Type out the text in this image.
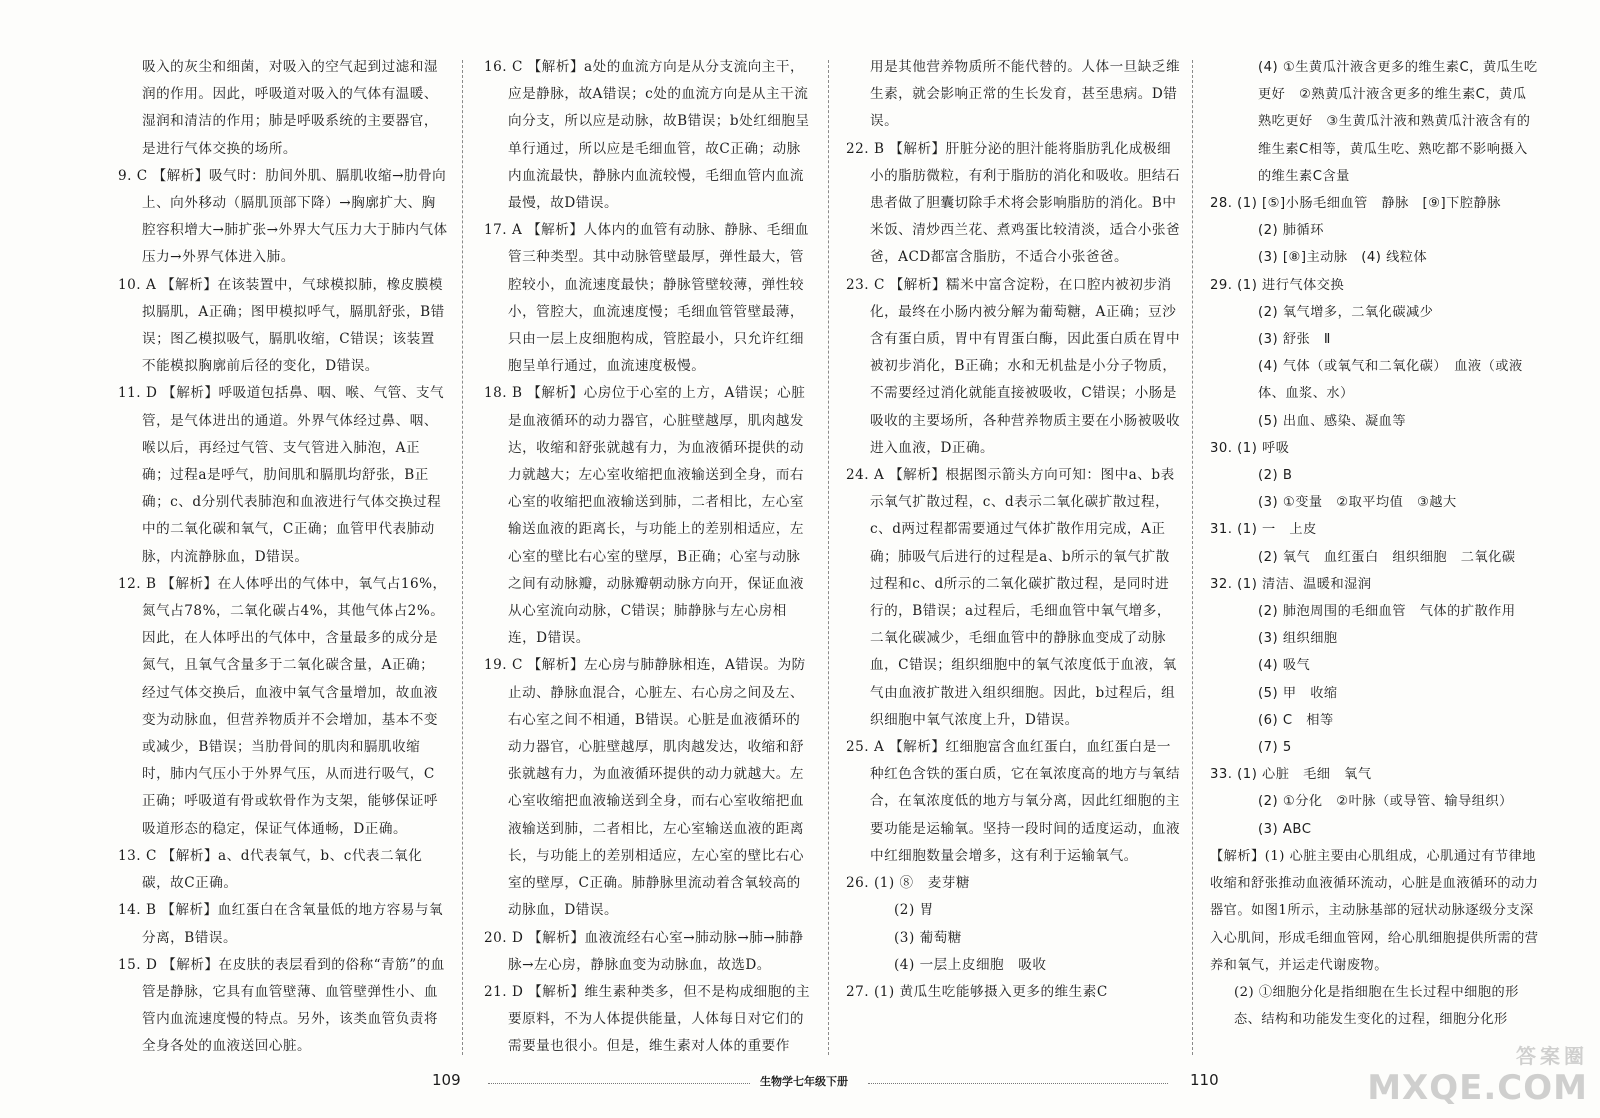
吸入的灰尘和细菌，对吸入的空气起到过滤和湿润的作用。因此，呼吸道对吸入的气体有温暖、湿润和清洁的作用；肺是呼吸系统的主要器官，是进行气体交换的场所。

9. C 【解析】吸气时：肋间外肌、膈肌收缩→肋骨向上、向外移动（膈肌顶部下降）→胸廓扩大、胸腔容积增大→肺扩张→外界大气压力大于肺内气体压力→外界气体进入肺。

10. A 【解析】在该装置中，气球模拟肺，橡皮膜模拟膈肌，A正确；图甲模拟呼气，膈肌舒张，B错误；图乙模拟吸气，膈肌收缩，C错误；该装置不能模拟胸廓前后径的变化，D错误。

11. D 【解析】呼吸道包括鼻、咽、喉、气管、支气管，是气体进出的通道。外界气体经过鼻、咽、喉以后，再经过气管、支气管进入肺泡，A正确；过程a是呼气，肋间肌和膈肌均舒张，B正确；c、d分别代表肺泡和血液进行气体交换过程中的二氧化碳和氧气，C正确；血管甲代表肺动脉，内流静脉血，D错误。

12. B 【解析】在人体呼出的气体中，氧气占16%，氮气占78%，二氧化碳占4%，其他气体占2%。因此，在人体呼出的气体中，含量最多的成分是氮气，且氧气含量多于二氧化碳含量，A正确；经过气体交换后，血液中氧气含量增加，故血液变为动脉血，但营养物质并不会增加，基本不变或减少，B错误；当肋骨间的肌肉和膈肌收缩时，肺内气压小于外界气压，从而进行吸气，C正确；呼吸道有骨或软骨作为支架，能够保证呼吸道形态的稳定，保证气体通畅，D正确。

13. C 【解析】a、d代表氧气，b、c代表二氧化碳，故C正确。

14. B 【解析】血红蛋白在含氧量低的地方容易与氧分离，B错误。

15. D 【解析】在皮肤的表层看到的俗称“青筋”的血管是静脉，它具有血管壁薄、血管壁弹性小、血管内血流速度慢的特点。另外，该类血管负责将全身各处的血液送回心脏。

16. C 【解析】a处的血流方向是从分支流向主干，应是静脉，故A错误；c处的血流方向是从主干流向分支，所以应是动脉，故B错误；b处红细胞呈单行通过，所以应是毛细血管，故C正确；动脉内血流最快，静脉内血流较慢，毛细血管内血流最慢，故D错误。

17. A 【解析】人体内的血管有动脉、静脉、毛细血管三种类型。其中动脉管壁最厚，弹性最大，管腔较小，血流速度最快；静脉管壁较薄，弹性较小，管腔大，血流速度慢；毛细血管管壁最薄，只由一层上皮细胞构成，管腔最小，只允许红细胞呈单行通过，血流速度极慢。

18. B 【解析】心房位于心室的上方，A错误；心脏是血液循环的动力器官，心脏壁越厚，肌肉越发达，收缩和舒张就越有力，为血液循环提供的动力就越大；左心室收缩把血液输送到全身，而右心室的收缩把血液输送到肺，二者相比，左心室输送血液的距离长，与功能上的差别相适应，左心室的壁比右心室的壁厚，B正确；心室与动脉之间有动脉瓣，动脉瓣朝动脉方向开，保证血液从心室流向动脉，C错误；肺静脉与左心房相连，D错误。

19. C 【解析】左心房与肺静脉相连，A错误。为防止动、静脉血混合，心脏左、右心房之间及左、右心室之间不相通，B错误。心脏是血液循环的动力器官，心脏壁越厚，肌肉越发达，收缩和舒张就越有力，为血液循环提供的动力就越大。左心室收缩把血液输送到全身，而右心室收缩把血液输送到肺，二者相比，左心室输送血液的距离长，与功能上的差别相适应，左心室的壁比右心室的壁厚，C正确。肺静脉里流动着含氧较高的动脉血，D错误。

20. D 【解析】血液流经右心室→肺动脉→肺→肺静脉→左心房，静脉血变为动脉血，故选D。

21. D 【解析】维生素种类多，但不是构成细胞的主要原料，不为人体提供能量，人体每日对它们的需要量也很小。但是，维生素对人体的重要作

用是其他营养物质所不能代替的。人体一旦缺乏维生素，就会影响正常的生长发育，甚至患病。D错误。

22. B 【解析】肝脏分泌的胆汁能将脂肪乳化成极细小的脂肪微粒，有利于脂肪的消化和吸收。胆结石患者做了胆囊切除手术将会影响脂肪的消化。B中米饭、清炒西兰花、煮鸡蛋比较清淡，适合小张爸爸，ACD都富含脂肪，不适合小张爸爸。

23. C 【解析】糯米中富含淀粉，在口腔内被初步消化，最终在小肠内被分解为葡萄糖，A正确；豆沙含有蛋白质，胃中有胃蛋白酶，因此蛋白质在胃中被初步消化，B正确；水和无机盐是小分子物质，不需要经过消化就能直接被吸收，C错误；小肠是吸收的主要场所，各种营养物质主要在小肠被吸收进入血液，D正确。

24. A 【解析】根据图示箭头方向可知：图中a、b表示氧气扩散过程，c、d表示二氧化碳扩散过程，c、d两过程都需要通过气体扩散作用完成，A正确；肺吸气后进行的过程是a、b所示的氧气扩散过程和c、d所示的二氧化碳扩散过程，是同时进行的，B错误；a过程后，毛细血管中氧气增多，二氧化碳减少，毛细血管中的静脉血变成了动脉血，C错误；组织细胞中的氧气浓度低于血液，氧气由血液扩散进入组织细胞。因此，b过程后，组织细胞中氧气浓度上升，D错误。

25. A 【解析】红细胞富含血红蛋白，血红蛋白是一种红色含铁的蛋白质，它在氧浓度高的地方与氧结合，在氧浓度低的地方与氧分离，因此红细胞的主要功能是运输氧。坚持一段时间的适度运动，血液中红细胞数量会增多，这有利于运输氧气。

26. (1) ⑧　麦芽糖

(2) 胃

(3) 葡萄糖

(4) 一层上皮细胞　吸收

27. (1) 黄瓜生吃能够摄入更多的维生素C

(4) ①生黄瓜汁液含更多的维生素C，黄瓜生吃更好　②熟黄瓜汁液含更多的维生素C，黄瓜熟吃更好　③生黄瓜汁液和熟黄瓜汁液含有的维生素C相等，黄瓜生吃、熟吃都不影响摄入的维生素C含量

28. (1) [⑤]小肠毛细血管　静脉　[⑨]下腔静脉

(2) 肺循环

(3) [⑧]主动脉　(4) 线粒体

29. (1) 进行气体交换

(2) 氧气增多，二氧化碳减少

(3) 舒张　Ⅱ

(4) 气体（或氧气和二氧化碳）　血液（或液体、血浆、水）

(5) 出血、感染、凝血等

30. (1) 呼吸

(2) B

(3) ①变量　②取平均值　③越大

31. (1) 一　上皮

(2) 氧气　血红蛋白　组织细胞　二氧化碳

32. (1) 清洁、温暖和湿润

(2) 肺泡周围的毛细血管　气体的扩散作用

(3) 组织细胞

(4) 吸气

(5) 甲　收缩

(6) C　相等

(7) 5

33. (1) 心脏　毛细　氧气

(2) ①分化　②叶脉（或导管、输导组织）

(3) ABC

【解析】(1) 心脏主要由心肌组成，心肌通过有节律地收缩和舒张推动血液循环流动，心脏是血液循环的动力器官。如图1所示，主动脉基部的冠状动脉逐级分支深入心肌间，形成毛细血管网，给心肌细胞提供所需的营养和氧气，并运走代谢废物。

(2) ①细胞分化是指细胞在生长过程中细胞的形态、结构和功能发生变化的过程，细胞分化形

109	生物学七年级下册	110
答案圈
MXQE.COM
